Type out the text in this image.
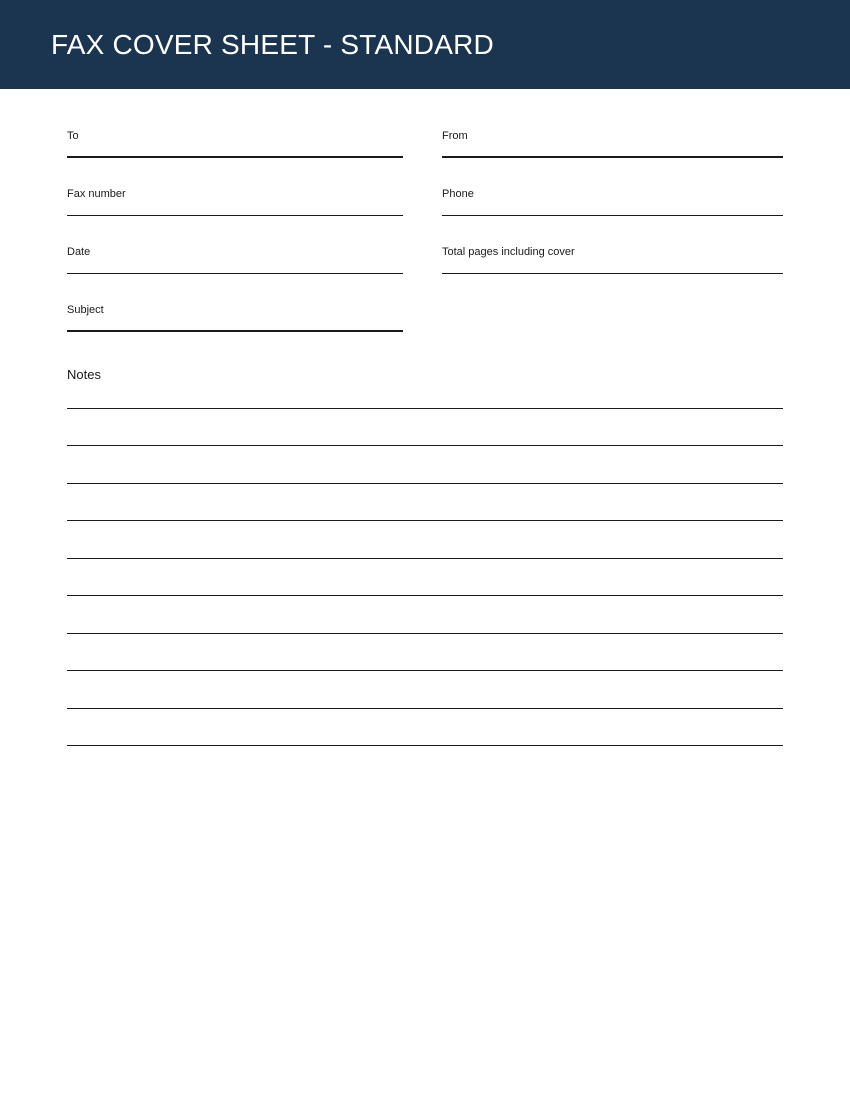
FAX COVER SHEET - STANDARD
To	From
Fax number	Phone
Date	Total pages including cover
Subject
Notes
